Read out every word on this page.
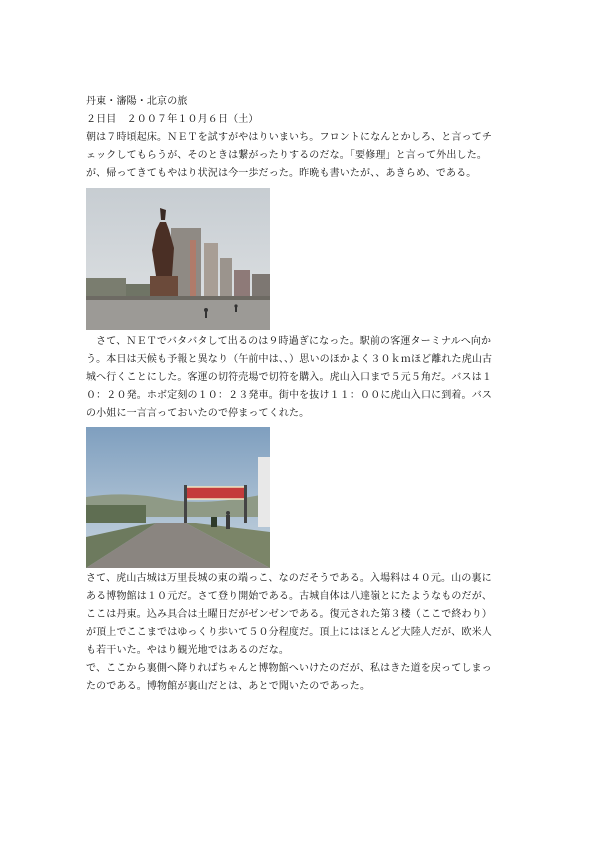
丹東・瀋陽・北京の旅
２日目　２００７年１０月６日（土）
朝は７時頃起床。ＮＥＴを試すがやはりいまいち。フロントになんとかしろ、と言ってチ
ェックしてもらうが、そのときは繋がったりするのだな。「要修理」と言って外出した。
が、帰ってきてもやはり状況は今一歩だった。昨晩も書いたが、、あきらめ、である。
　さて、ＮＥＴでバタバタして出るのは９時過ぎになった。駅前の客運ターミナルへ向か
う。本日は天候も予報と異なり（午前中は、、）思いのほかよく３０ｋｍほど離れた虎山古
城へ行くことにした。客運の切符売場で切符を購入。虎山入口まで５元５角だ。バスは１
０：２０発。ホボ定刻の１０：２３発車。街中を抜け１１：００に虎山入口に到着。バス
の小姐に一言言っておいたので停まってくれた。
さて、虎山古城は万里長城の東の端っこ、なのだそうである。入場料は４０元。山の裏に
ある博物館は１０元だ。さて登り開始である。古城自体は八達嶺とにたようなものだが、
ここは丹東。込み具合は土曜日だがゼンゼンである。復元された第３楼（ここで終わり）
が頂上でここまではゆっくり歩いて５０分程度だ。頂上にはほとんど大陸人だが、欧米人
も若干いた。やはり観光地ではあるのだな。
で、ここから裏側へ降りればちゃんと博物館へいけたのだが、私はきた道を戻ってしまっ
たのである。博物館が裏山だとは、あとで聞いたのであった。
